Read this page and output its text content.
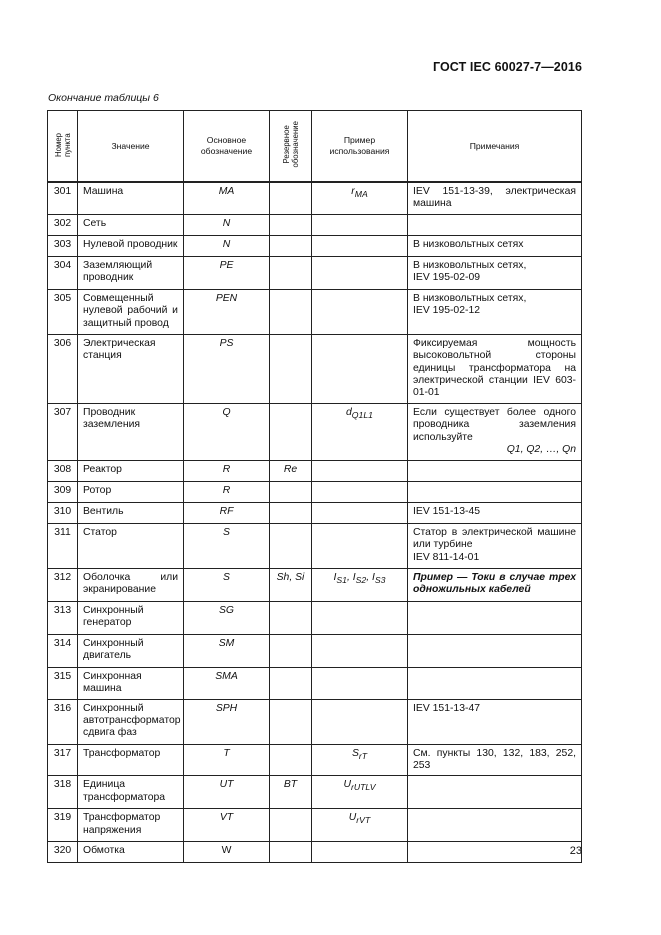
ГОСТ IEC 60027-7—2016
Окончание таблицы 6
Номер
пункта	Значение	Основное обозначение	Резервное
обозначение	Пример использования	Примечания
301	Машина	MA		$r_{MA}$	IEV 151-13-39, электрическая машина
302	Сеть	N			
303	Нулевой проводник	N			В низковольтных сетях
304	Заземляющий проводник	PE			В низковольтных сетях,
IEV 195-02-09
305	Совмещенный нулевой рабочий и защитный провод	PEN			В низковольтных сетях,
IEV 195-02-12
306	Электрическая станция	PS			Фиксируемая мощность высоковольтной стороны единицы трансформатора на электрической станции IEV 603-01-01
307	Проводник заземления	Q		$d_{Q1L1}$	Если существует более одного проводника заземления используйте
Q1, Q2, …, Qn

308	Реактор	R	Re		
309	Ротор	R			
310	Вентиль	RF			IEV 151-13-45
311	Статор	S			Статор в электрической машине или турбине
IEV 811-14-01
312	Оболочка или экранирование	S	Sh, Si	$I_{S1}$, $I_{S2}$, $I_{S3}$	Пример — Токи в случае трех одножильных кабелей
313	Синхронный генератор	SG			
314	Синхронный двигатель	SM			
315	Синхронная машина	SMA			
316	Синхронный автотрансформатор сдвига фаз	SPH			IEV 151-13-47
317	Трансформатор	T		$S_{rT}$	См. пункты 130, 132, 183, 252, 253
318	Единица трансформатора	UT	BT	$U_{rUTLV}$	
319	Трансформатор напряжения	VT		$U_{rVT}$	
320	Обмотка	W				23
